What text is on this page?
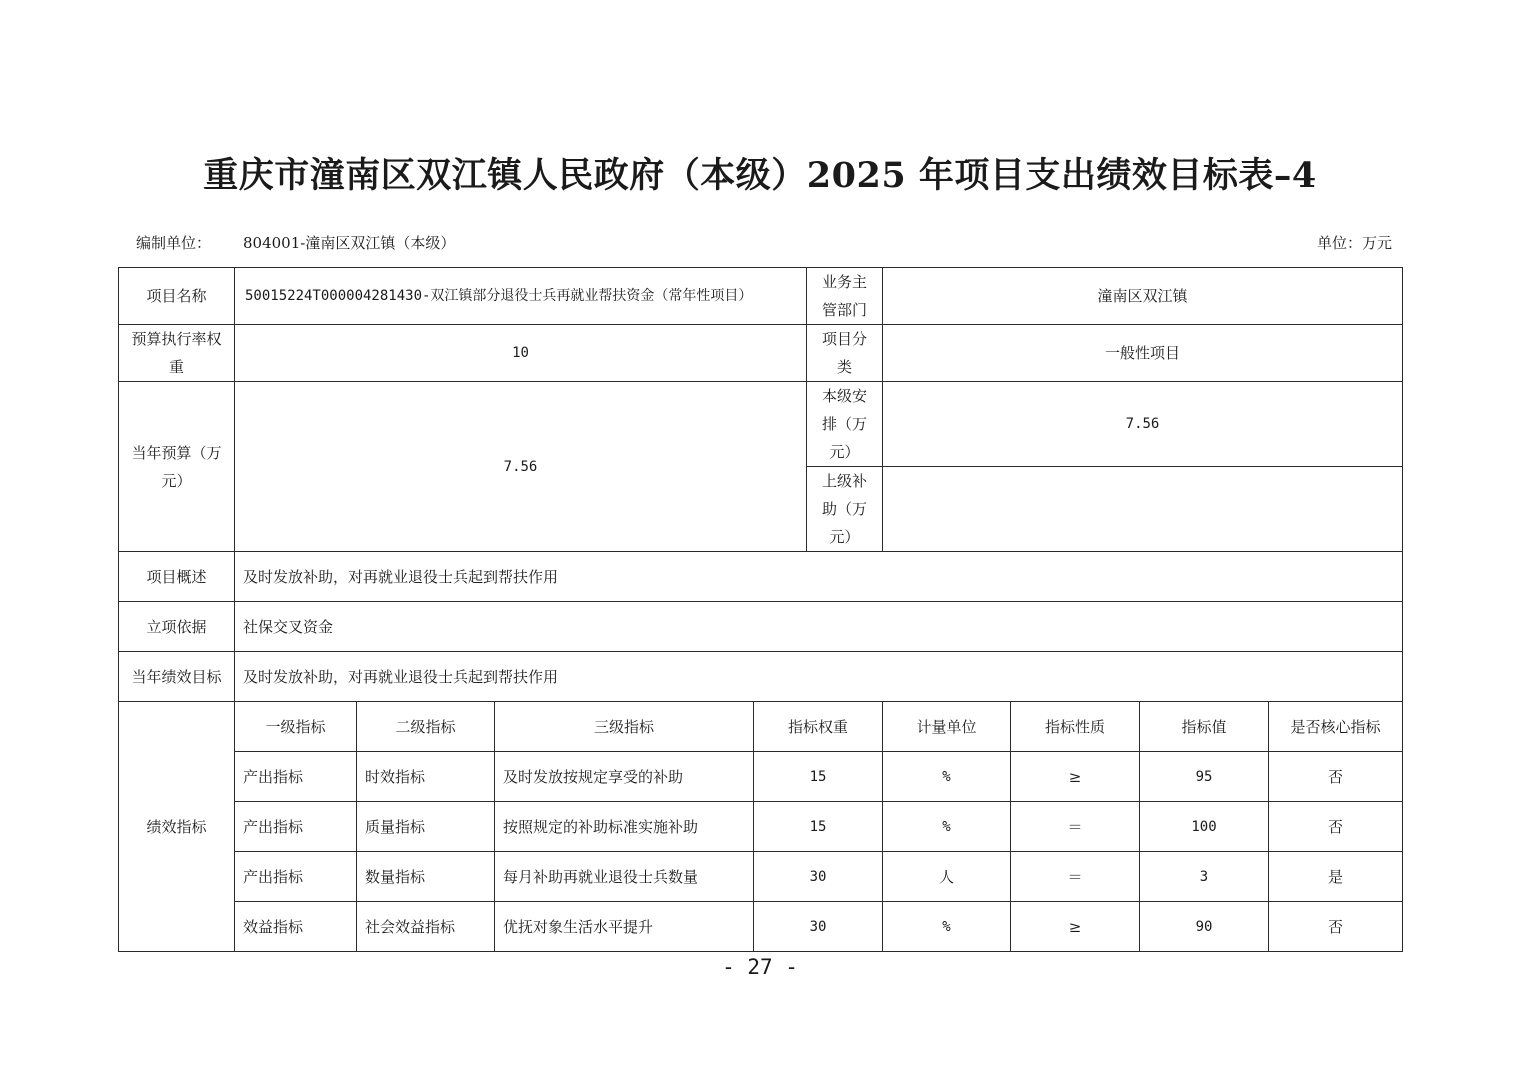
重庆市潼南区双江镇人民政府（本级）2025 年项目支出绩效目标表–4
编制单位： 804001-潼南区双江镇（本级）	单位：万元
项目名称	50015224T000004281430-双江镇部分退役士兵再就业帮扶资金（常年性项目）				业务主管部门	潼南区双江镇			
预算执行率权重	10				项目分类	一般性项目			
当年预算（万元）	7.56				本级安排（万元）	7.56			
					上级补助（万元）				
项目概述	及时发放补助，对再就业退役士兵起到帮扶作用								
立项依据	社保交叉资金								
当年绩效目标	及时发放补助，对再就业退役士兵起到帮扶作用								
绩效指标	一级指标	二级指标	三级指标	指标权重		计量单位	指标性质	指标值	是否核心指标
	产出指标	时效指标	及时发放按规定享受的补助	15		%	≥	95	否
	产出指标	质量指标	按照规定的补助标准实施补助	15		%	＝	100	否
	产出指标	数量指标	每月补助再就业退役士兵数量	30		人	＝	3	是
	效益指标	社会效益指标	优抚对象生活水平提升	30		%	≥	90	否
- 27 -
